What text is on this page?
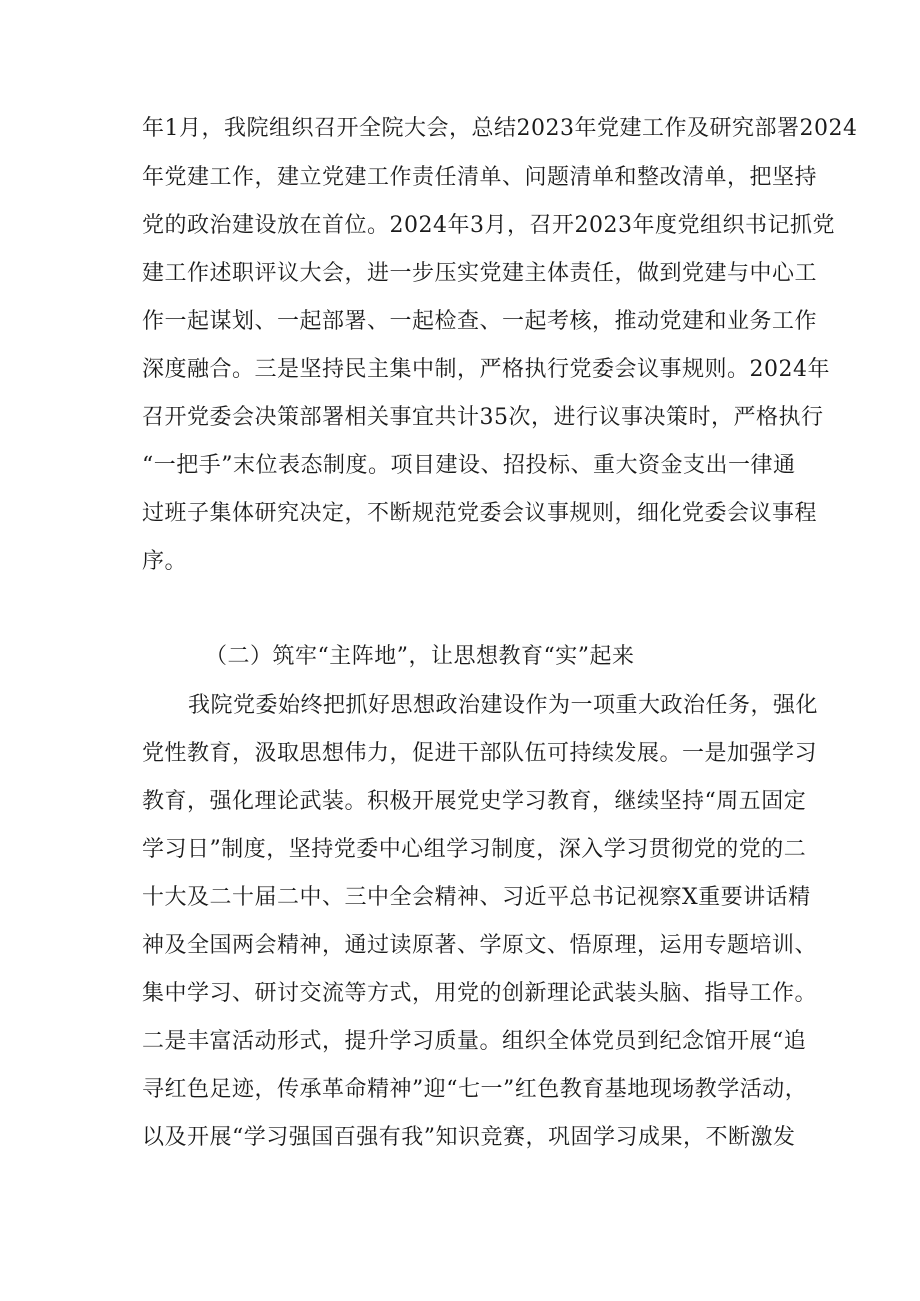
年1月，我院组织召开全院大会，总结2023年党建工作及研究部署2024
年党建工作，建立党建工作责任清单、问题清单和整改清单，把坚持
党的政治建设放在首位。2024年3月，召开2023年度党组织书记抓党
建工作述职评议大会，进一步压实党建主体责任，做到党建与中心工
作一起谋划、一起部署、一起检查、一起考核，推动党建和业务工作
深度融合。三是坚持民主集中制，严格执行党委会议事规则。2024年
召开党委会决策部署相关事宜共计35次，进行议事决策时，严格执行
“一把手”末位表态制度。项目建设、招投标、重大资金支出一律通
过班子集体研究决定，不断规范党委会议事规则，细化党委会议事程
序。
（二）筑牢“主阵地”，让思想教育“实”起来
我院党委始终把抓好思想政治建设作为一项重大政治任务，强化
党性教育，汲取思想伟力，促进干部队伍可持续发展。一是加强学习
教育，强化理论武装。积极开展党史学习教育，继续坚持“周五固定
学习日”制度，坚持党委中心组学习制度，深入学习贯彻党的党的二
十大及二十届二中、三中全会精神、习近平总书记视察X重要讲话精
神及全国两会精神，通过读原著、学原文、悟原理，运用专题培训、
集中学习、研讨交流等方式，用党的创新理论武装头脑、指导工作。
二是丰富活动形式，提升学习质量。组织全体党员到纪念馆开展“追
寻红色足迹，传承革命精神”迎“七一”红色教育基地现场教学活动，
以及开展“学习强国百强有我”知识竞赛，巩固学习成果，不断激发
